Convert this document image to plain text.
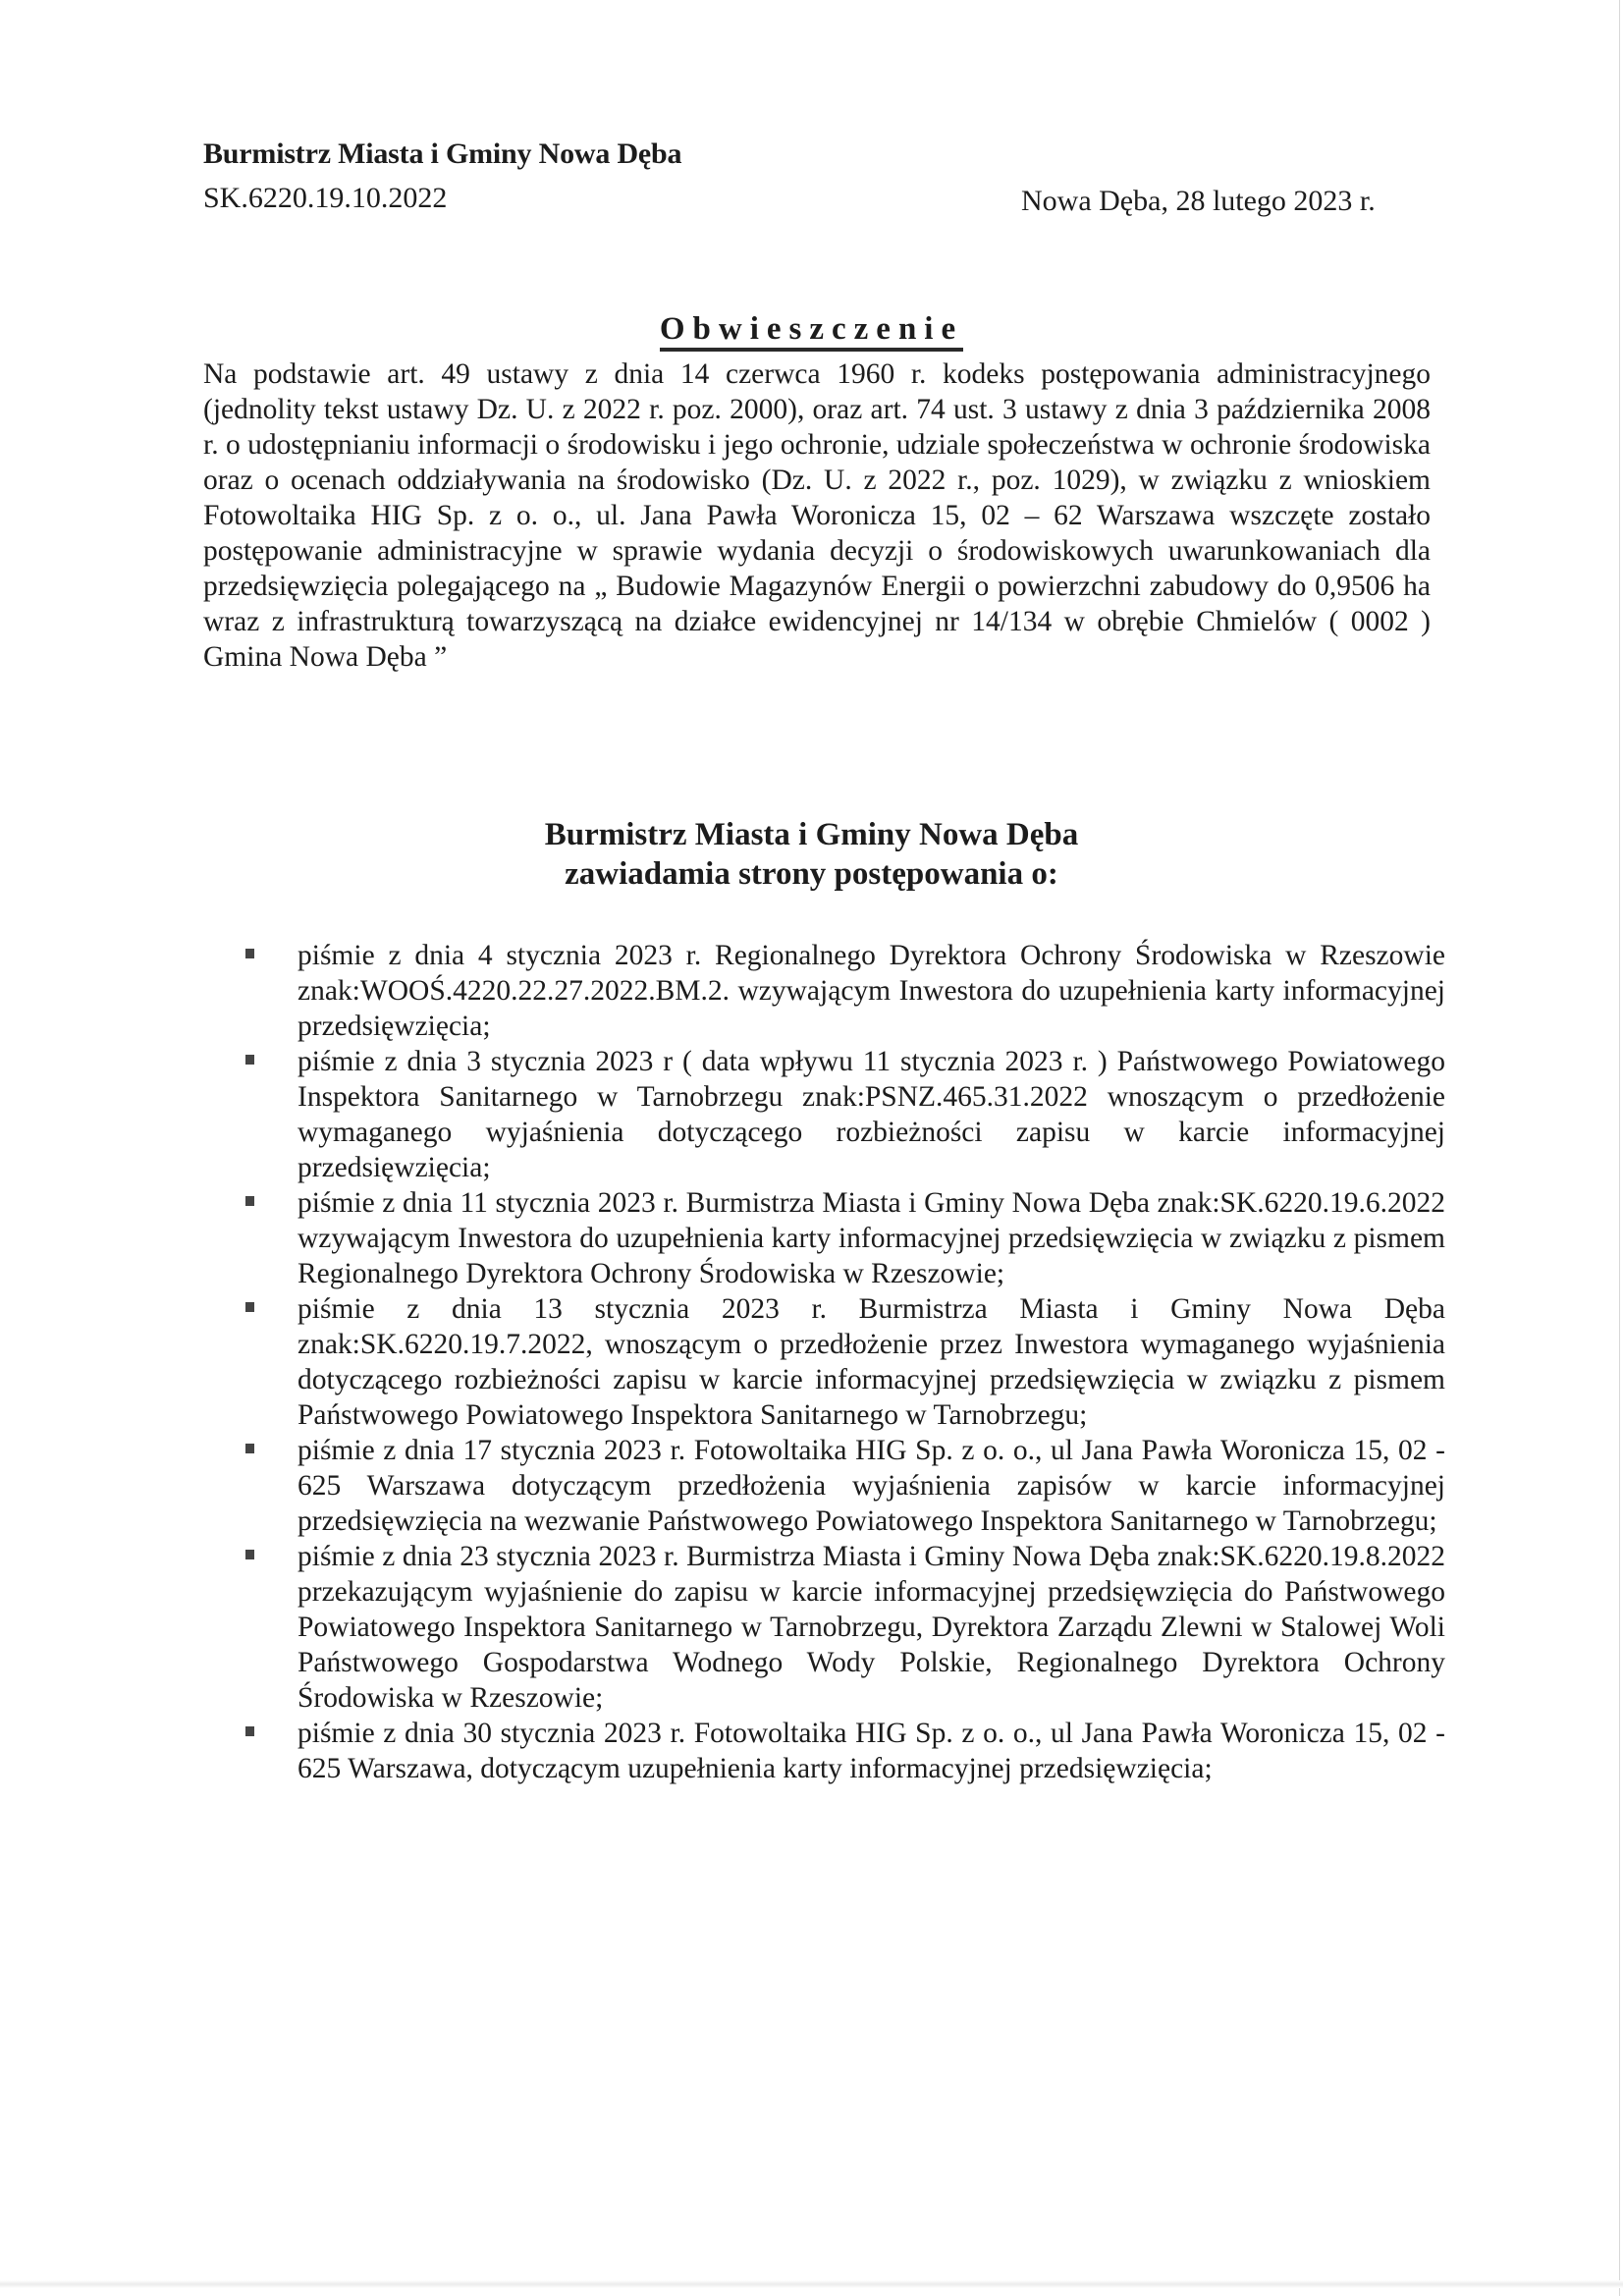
Burmistrz Miasta i Gminy Nowa Dęba
SK.6220.19.10.2022	Nowa Dęba, 28 lutego 2023 r.
Obwieszczenie

Na podstawie art. 49 ustawy z dnia 14 czerwca 1960 r. kodeks postępowania administracyjnego (jednolity tekst ustawy Dz. U. z 2022 r. poz. 2000), oraz art. 74 ust. 3 ustawy z dnia 3 października 2008 r. o udostępnianiu informacji o środowisku i jego ochronie, udziale społeczeństwa w ochronie środowiska oraz o ocenach oddziaływania na środowisko (Dz. U. z 2022 r., poz. 1029), w związku z wnioskiem Fotowoltaika HIG Sp. z o. o., ul. Jana Pawła Woronicza 15, 02 – 62 Warszawa wszczęte zostało postępowanie administracyjne w sprawie wydania decyzji o środowiskowych uwarunkowaniach dla przedsięwzięcia polegającego na „ Budowie Magazynów Energii o powierzchni zabudowy do 0,9506 ha wraz z infrastrukturą towarzyszącą na działce ewidencyjnej nr 14/134 w obrębie Chmielów ( 0002 ) Gmina Nowa Dęba ”

Burmistrz Miasta i Gminy Nowa Dęba
zawiadamia strony postępowania o:
piśmie z dnia 4 stycznia 2023 r. Regionalnego Dyrektora Ochrony Środowiska w Rzeszowie znak:WOOŚ.4220.22.27.2022.BM.2. wzywającym Inwestora do uzupełnienia karty informacyjnej przedsięwzięcia;
piśmie z dnia 3 stycznia 2023 r ( data wpływu 11 stycznia 2023 r. ) Państwowego Powiatowego Inspektora Sanitarnego w Tarnobrzegu znak:PSNZ.465.31.2022 wnoszącym o przedłożenie wymaganego wyjaśnienia dotyczącego rozbieżności zapisu w karcie informacyjnej przedsięwzięcia;
piśmie z dnia 11 stycznia 2023 r. Burmistrza Miasta i Gminy Nowa Dęba znak:SK.6220.19.6.2022 wzywającym Inwestora do uzupełnienia karty informacyjnej przedsięwzięcia w związku z pismem Regionalnego Dyrektora Ochrony Środowiska w Rzeszowie;
piśmie z dnia 13 stycznia 2023 r. Burmistrza Miasta i Gminy Nowa Dęba znak:SK.6220.19.7.2022, wnoszącym o przedłożenie przez Inwestora wymaganego wyjaśnienia dotyczącego rozbieżności zapisu w karcie informacyjnej przedsięwzięcia w związku z pismem Państwowego Powiatowego Inspektora Sanitarnego w Tarnobrzegu;
piśmie z dnia 17 stycznia 2023 r. Fotowoltaika HIG Sp. z o. o., ul Jana Pawła Woronicza 15, 02 - 625 Warszawa dotyczącym przedłożenia wyjaśnienia zapisów w karcie informacyjnej przedsięwzięcia na wezwanie Państwowego Powiatowego Inspektora Sanitarnego w Tarnobrzegu;
piśmie z dnia 23 stycznia 2023 r. Burmistrza Miasta i Gminy Nowa Dęba znak:SK.6220.19.8.2022 przekazującym wyjaśnienie do zapisu w karcie informacyjnej przedsięwzięcia do Państwowego Powiatowego Inspektora Sanitarnego w Tarnobrzegu, Dyrektora Zarządu Zlewni w Stalowej Woli Państwowego Gospodarstwa Wodnego Wody Polskie, Regionalnego Dyrektora Ochrony Środowiska w Rzeszowie;
piśmie z dnia 30 stycznia 2023 r. Fotowoltaika HIG Sp. z o. o., ul Jana Pawła Woronicza 15, 02 - 625 Warszawa, dotyczącym uzupełnienia karty informacyjnej przedsięwzięcia;
